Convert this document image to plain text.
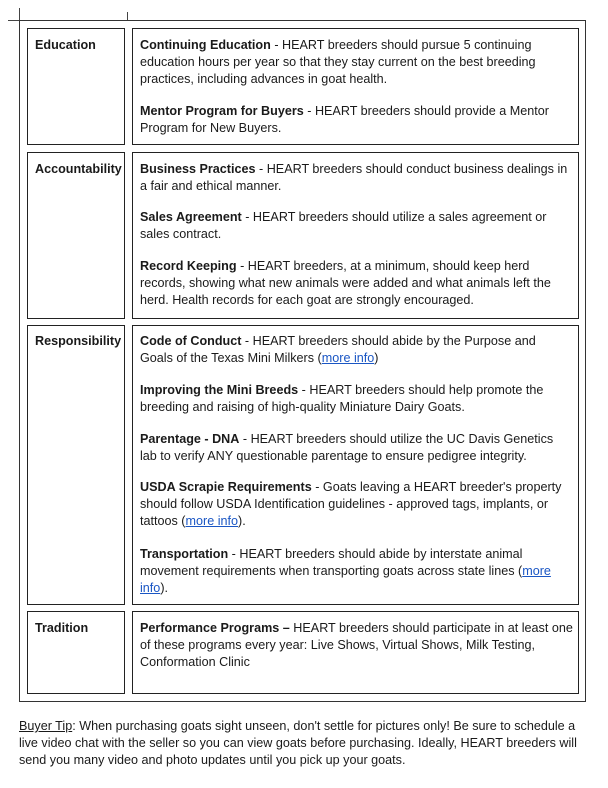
Education	Continuing Education - HEART breeders should pursue 5 continuing education hours per year so that they stay current on the best breeding practices, including advances in goat health.
Mentor Program for Buyers - HEART breeders should provide a Mentor Program for New Buyers.
Accountability Business Practices - HEART breeders should conduct business dealings in a fair and ethical manner.
Sales Agreement - HEART breeders should utilize a sales agreement or sales contract.
Record Keeping - HEART breeders, at a minimum, should keep herd records, showing what new animals were added and what animals left the herd. Health records for each goat are strongly encouraged.
Responsibility Code of Conduct - HEART breeders should abide by the Purpose and Goals of the Texas Mini Milkers (more info)
Improving the Mini Breeds - HEART breeders should help promote the breeding and raising of high-quality Miniature Dairy Goats.
Parentage - DNA - HEART breeders should utilize the UC Davis Genetics lab to verify ANY questionable parentage to ensure pedigree integrity.
USDA Scrapie Requirements - Goats leaving a HEART breeder's property should follow USDA Identification guidelines - approved tags, implants, or tattoos (more info).
Transportation - HEART breeders should abide by interstate animal movement requirements when transporting goats across state lines (more info).
Tradition	Performance Programs – HEART breeders should participate in at least one of these programs every year: Live Shows, Virtual Shows, Milk Testing, Conformation Clinic
Buyer Tip: When purchasing goats sight unseen, don't settle for pictures only! Be sure to schedule a live video chat with the seller so you can view goats before purchasing. Ideally, HEART breeders will send you many video and photo updates until you pick up your goats.
